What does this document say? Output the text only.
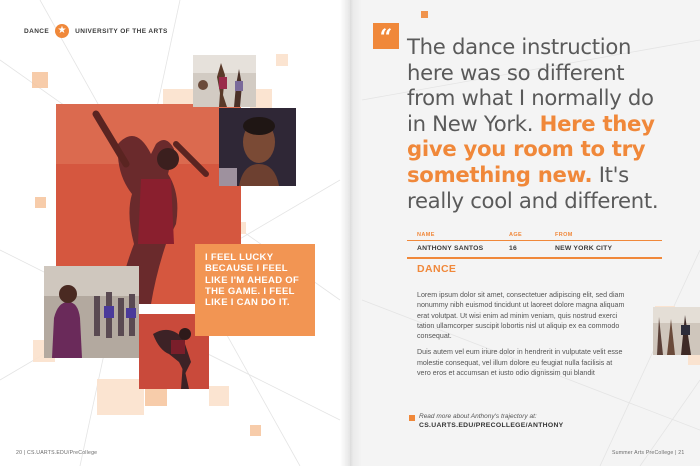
DANCE ★	UNIVERSITY OF THE ARTS

I FEEL LUCKY BECAUSE I FEEL LIKE I'M AHEAD OF THE GAME. I FEEL LIKE I CAN DO IT.

20 | CS.UARTS.EDU/PreCollege
“ The dance instruction here was so different from what I normally do in New York. Here they give you room to try something new. It's really cool and different.
NAME	AGE	FROM
ANTHONY SANTOS	16	NEW YORK CITY
DANCE

Lorem ipsum dolor sit amet, consectetuer adipiscing elit, sed diam nonummy nibh euismod tincidunt ut laoreet dolore magna aliquam erat volutpat. Ut wisi enim ad minim veniam, quis nostrud exerci tation ullamcorper suscipit lobortis nisl ut aliquip ex ea commodo consequat.

Duis autem vel eum iriure dolor in hendrerit in vulputate velit esse molestie consequat, vel illum dolore eu feugiat nulla facilisis at vero eros et accumsan et iusto odio dignissim qui blandit

Read more about Anthony's trajectory at:
CS.UARTS.EDU/PRECOLLEGE/ANTHONY
Summer Arts PreCollege | 21
